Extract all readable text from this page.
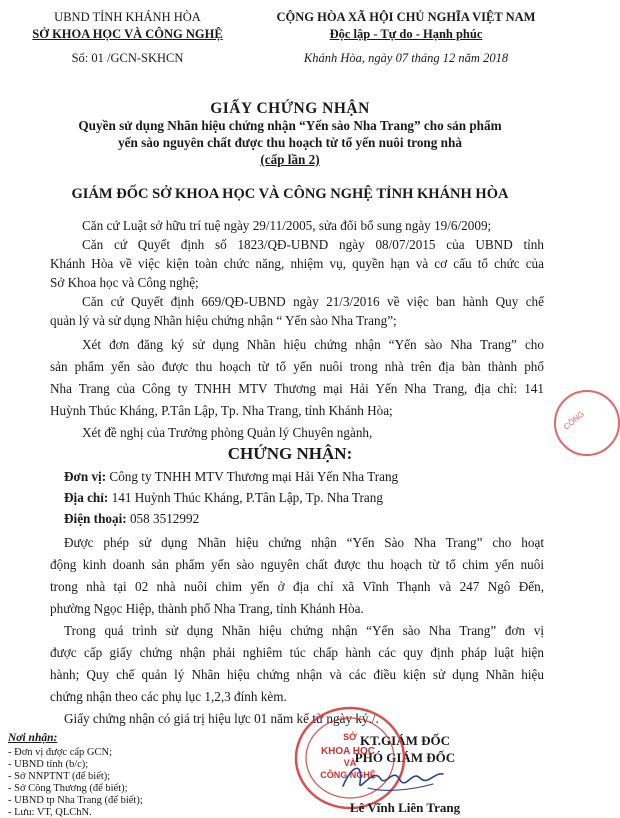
UBND TỈNH KHÁNH HÒA
SỞ KHOA HỌC VÀ CÔNG NGHỆ
Số: 01 /GCN-SKHCN
CỘNG HÒA XÃ HỘI CHỦ NGHĨA VIỆT NAM
Độc lập - Tự do - Hạnh phúc
Khánh Hòa, ngày 07 tháng 12 năm 2018
GIẤY CHỨNG NHẬN
Quyền sử dụng Nhãn hiệu chứng nhận “Yến sào Nha Trang” cho sản phẩm
yến sào nguyên chất được thu hoạch từ tổ yến nuôi trong nhà
(cấp lần 2)
GIÁM ĐỐC SỞ KHOA HỌC VÀ CÔNG NGHỆ TỈNH KHÁNH HÒA
Căn cứ Luật sở hữu trí tuệ ngày 29/11/2005, sửa đổi bổ sung ngày 19/6/2009;
Căn cứ Quyết định số 1823/QĐ-UBND ngày 08/07/2015 của UBND tỉnh
Khánh Hòa về việc kiện toàn chức năng, nhiệm vụ, quyền hạn và cơ cấu tổ chức của
Sở Khoa học và Công nghệ;
Căn cứ Quyết định 669/QĐ-UBND ngày 21/3/2016 về việc ban hành Quy chế
quản lý và sử dụng Nhãn hiệu chứng nhận “ Yến sào Nha Trang”;
Xét đơn đăng ký sử dụng Nhãn hiệu chứng nhận “Yến sào Nha Trang” cho
sản phẩm yến sào được thu hoạch từ tổ yến nuôi trong nhà trên địa bàn thành phố
Nha Trang của Công ty TNHH MTV Thương mại Hải Yến Nha Trang, địa chỉ: 141
Huỳnh Thúc Kháng, P.Tân Lập, Tp. Nha Trang, tỉnh Khánh Hòa;
Xét đề nghị của Trưởng phòng Quản lý Chuyên ngành,
CHỨNG NHẬN:
Đơn vị: Công ty TNHH MTV Thương mại Hải Yến Nha Trang
Địa chỉ: 141 Huỳnh Thúc Kháng, P.Tân Lập, Tp. Nha Trang
Điện thoại: 058 3512992
Được phép sử dụng Nhãn hiệu chứng nhận “Yến Sào Nha Trang” cho hoạt
động kinh doanh sản phẩm yến sào nguyên chất được thu hoạch từ tổ chim yến nuôi
trong nhà tại 02 nhà nuôi chim yến ở địa chỉ xã Vĩnh Thạnh và 247 Ngô Đến,
phường Ngọc Hiệp, thành phố Nha Trang, tỉnh Khánh Hòa.
Trong quá trình sử dụng Nhãn hiệu chứng nhận “Yến sào Nha Trang” đơn vị
được cấp giấy chứng nhận phải nghiêm túc chấp hành các quy định pháp luật hiện
hành; Quy chế quản lý Nhãn hiệu chứng nhận và các điều kiện sử dụng Nhãn hiệu
chứng nhận theo các phụ lục 1,2,3 đính kèm.
Giấy chứng nhận có giá trị hiệu lực 01 năm kể từ ngày ký./.
Nơi nhận:
- Đơn vị được cấp GCN;
- UBND tỉnh (b/c);
- Sở NNPTNT (để biết);
- Sở Công Thương (để biết);
- UBND tp Nha Trang (để biết);
- Lưu: VT, QLChN.
KT.GIÁM ĐỐC
PHÓ GIÁM ĐỐC
SỞ
KHOA HỌC
VÀ
CÔNG NGHỆ
Lê Vĩnh Liên Trang
CÔNG
